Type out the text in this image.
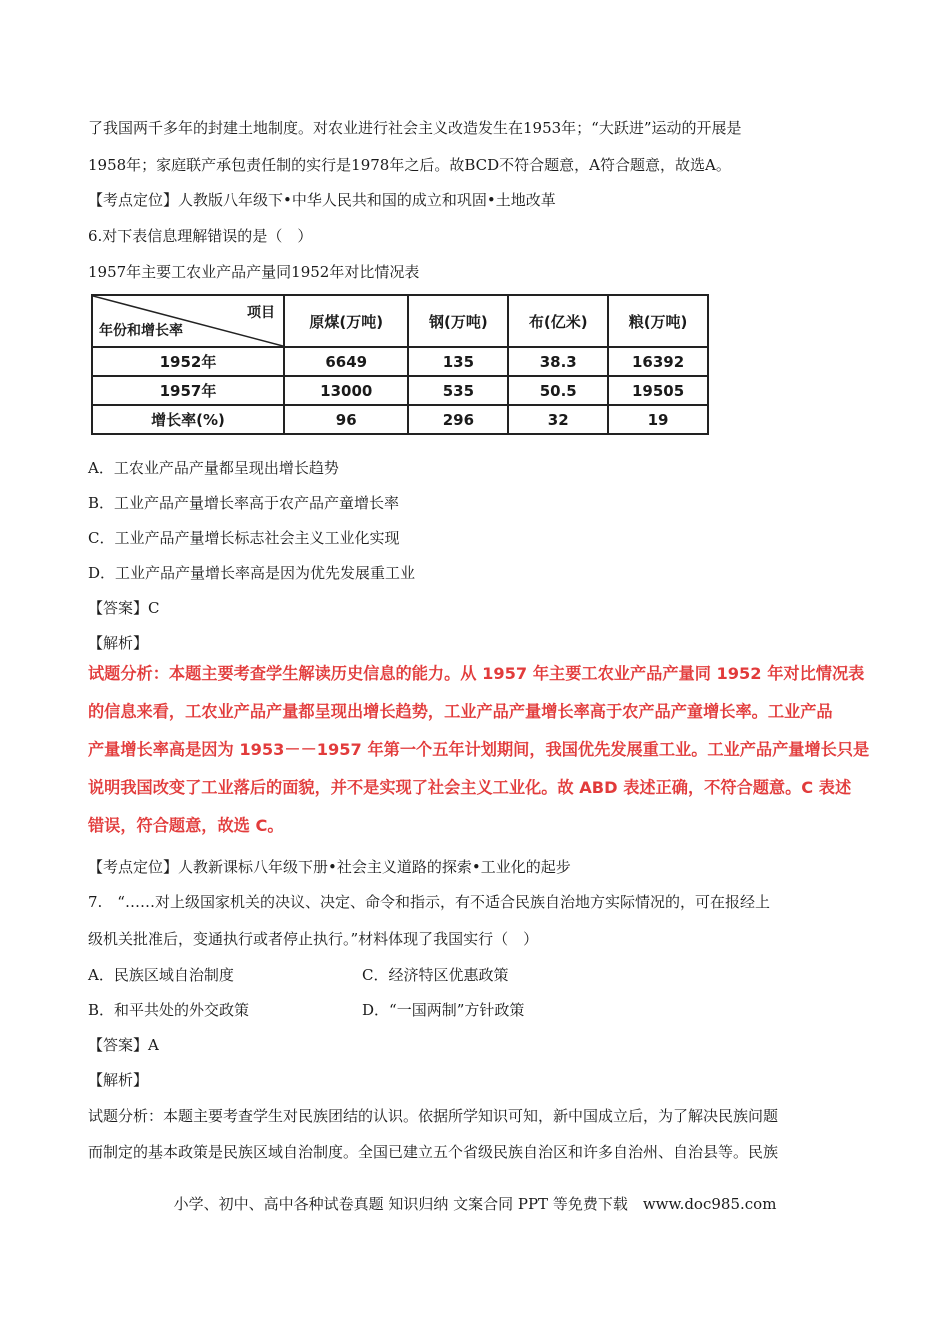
了我国两千多年的封建土地制度。对农业进行社会主义改造发生在1953年；“大跃进”运动的开展是
1958年；家庭联产承包责任制的实行是1978年之后。故BCD不符合题意，A符合题意，故选A。
【考点定位】人教版八年级下•中华人民共和国的成立和巩固•土地改革
6.对下表信息理解错误的是（　）
1957年主要工农业产品产量同1952年对比情况表
项目
年份和增长率	原煤(万吨)	钢(万吨)	布(亿米)	粮(万吨)
1952年	6649	135	38.3	16392
1957年	13000	535	50.5	19505
增长率(%)	96	296	32	19
A．工农业产品产量都呈现出增长趋势
B．工业产品产量增长率高于农产品产童增长率
C．工业产品产量增长标志社会主义工业化实现
D．工业产品产量增长率高是因为优先发展重工业
【答案】C
【解析】
试题分析：本题主要考查学生解读历史信息的能力。从 1957 年主要工农业产品产量同 1952 年对比情况表
的信息来看，工农业产品产量都呈现出增长趋势，工业产品产量增长率高于农产品产童增长率。工业产品
产量增长率高是因为 1953－－1957 年第一个五年计划期间，我国优先发展重工业。工业产品产量增长只是
说明我国改变了工业落后的面貌，并不是实现了社会主义工业化。故 ABD 表述正确，不符合题意。C 表述
错误，符合题意，故选 C。
【考点定位】人教新课标八年级下册•社会主义道路的探索•工业化的起步
7.　“……对上级国家机关的决议、决定、命令和指示，有不适合民族自治地方实际情况的，可在报经上
级机关批准后，变通执行或者停止执行。”材料体现了我国实行（　）
A．民族区域自治制度	C．经济特区优惠政策
B．和平共处的外交政策	D．“一国两制”方针政策
【答案】A
【解析】
试题分析：本题主要考查学生对民族团结的认识。依据所学知识可知，新中国成立后，为了解决民族问题
而制定的基本政策是民族区域自治制度。全国已建立五个省级民族自治区和许多自治州、自治县等。民族
小学、初中、高中各种试卷真题 知识归纳 文案合同 PPT 等免费下载　www.doc985.com
